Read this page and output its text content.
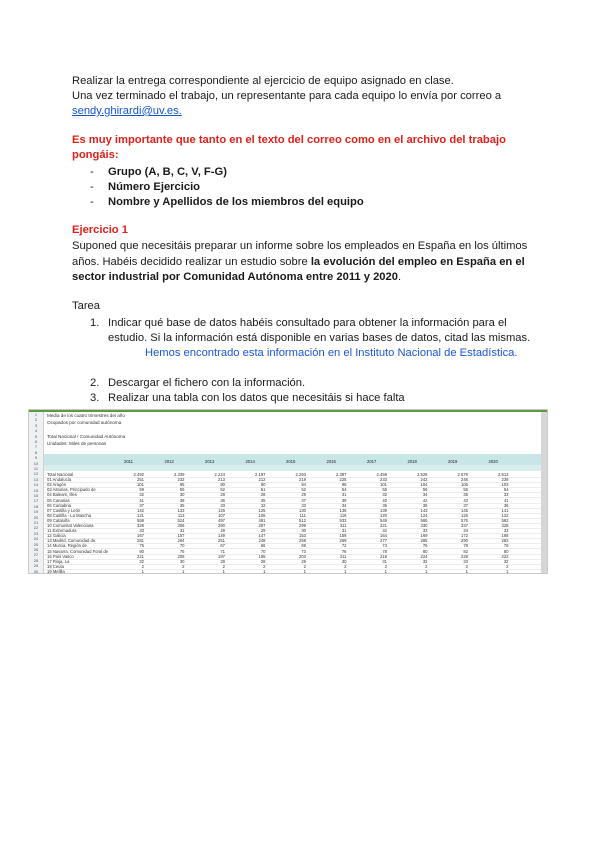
Realizar la entrega correspondiente al ejercicio de equipo asignado en clase.
Una vez terminado el trabajo, un representante para cada equipo lo envía por correo a
sendy.ghirardi@uv.es.
Es muy importante que tanto en el texto del correo como en el archivo del trabajo
pongáis:
- Grupo (A, B, C, V, F-G)
- Número Ejercicio
- Nombre y Apellidos de los miembros del equipo
Ejercicio 1
Suponed que necesitáis preparar un informe sobre los empleados en España en los últimos
años. Habéis decidido realizar un estudio sobre la evolución del empleo en España en el
sector industrial por Comunidad Autónoma entre 2011 y 2020.
Tarea
1. Indicar qué base de datos habéis consultado para obtener la información para el
estudio. Si la información está disponible en varias bases de datos, citad las mismas.
Hemos encontrado esta información en el Instituto Nacional de Estadística.
2. Descargar el fichero con la información.
3. Realizar una tabla con los datos que necesitáis si hace falta
1
2
3
4
5
6
7
8
9
10
11
12
13
14
15
16
17
18
19
20
21
22
23
24
25
26
27
28
29
30
Media de los cuatro trimestres del año
Ocupados por comunidad autónoma
Total Nacional / Comunidad Autónoma
Unidades: Miles de personas
2011	2012	2013	2014	2015	2016	2017	2018	2019	2020
Total Nacional	2.492	2.339	2.224	2.197	2.293	2.387	2.459	2.528	2.576	2.513
01 Andalucía	251	232	213	212	219	225	233	242	246	239
02 Aragón	101	95	90	90	94	98	101	104	106	103
03 Asturias, Principado de	59	55	52	51	52	54	55	56	56	54
04 Balears, Illes	32	30	28	28	29	31	32	34	35	33
05 Canarias	41	38	36	35	37	39	40	42	43	41
06 Cantabria	37	35	33	32	33	34	35	36	37	36
07 Castilla y León	142	133	126	125	130	135	139	143	145	141
08 Castilla - La Mancha	121	113	107	106	111	116	120	124	126	122
09 Cataluña	558	524	497	491	512	533	549	565	576	562
10 Comunitat Valenciana	326	306	290	287	299	311	321	330	337	328
11 Extremadura	33	31	29	29	30	31	32	33	34	33
12 Galicia	167	157	149	147	153	159	164	169	172	168
13 Madrid, Comunidad de	281	264	251	248	258	269	277	285	290	283
14 Murcia, Región de	75	70	67	66	69	72	74	76	78	76
15 Navarra, Comunidad Foral de	80	75	71	70	73	76	78	80	82	80
16 País Vasco	221	208	197	195	203	211	218	224	228	222
17 Rioja, La	32	30	28	28	29	30	31	32	33	32
18 Ceuta	2	2	2	2	2	2	2	2	2	2
19 Melilla	1	1	1	1	1	1	1	1	1	1
